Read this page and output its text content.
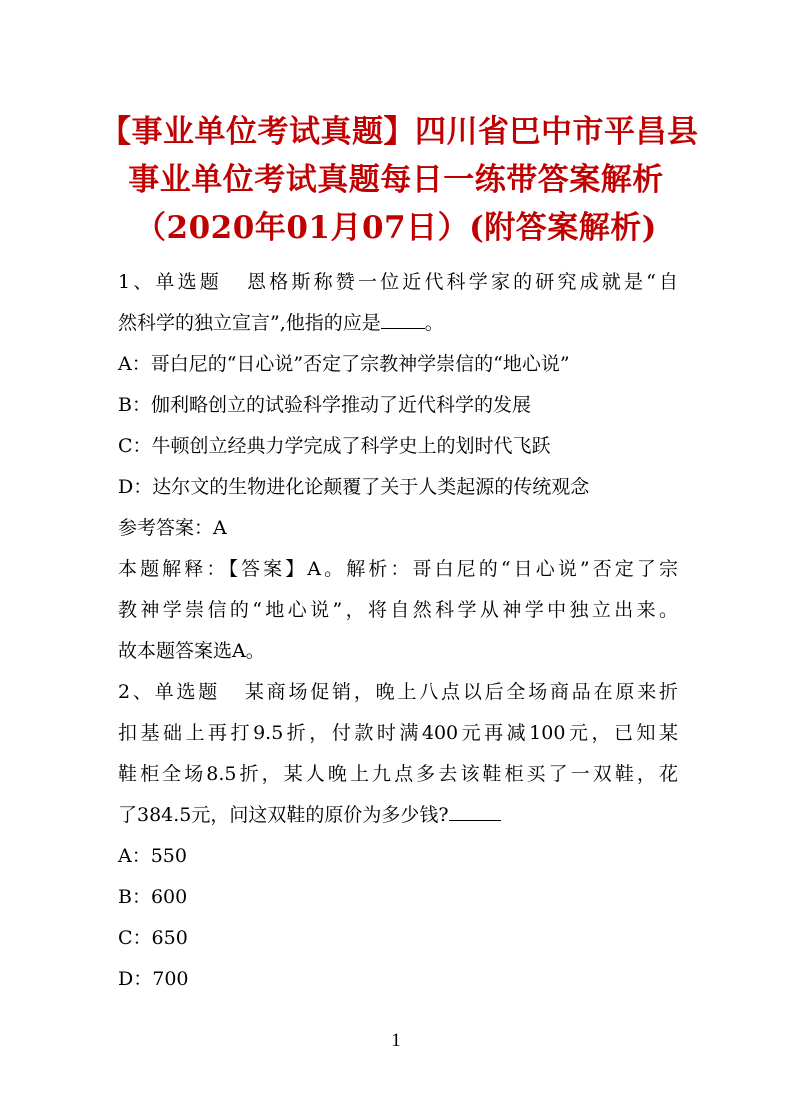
【事业单位考试真题】四川省巴中市平昌县
事业单位考试真题每日一练带答案解析
（2020年01月07日）(附答案解析)
1、单选题 恩格斯称赞一位近代科学家的研究成就是“自
然科学的独立宣言”,他指的应是 。
A：哥白尼的“日心说”否定了宗教神学崇信的“地心说”
B：伽利略创立的试验科学推动了近代科学的发展
C：牛顿创立经典力学完成了科学史上的划时代飞跃
D：达尔文的生物进化论颠覆了关于人类起源的传统观念
参考答案：A
本题解释：【答案】A。解析：哥白尼的“日心说”否定了宗
教神学崇信的“地心说”，将自然科学从神学中独立出来。
故本题答案选A。
2、单选题 某商场促销，晚上八点以后全场商品在原来折
扣基础上再打9.5折，付款时满400元再减100元，已知某
鞋柜全场8.5折，某人晚上九点多去该鞋柜买了一双鞋，花
了384.5元，问这双鞋的原价为多少钱?
A：550
B：600
C：650
D：700
1
